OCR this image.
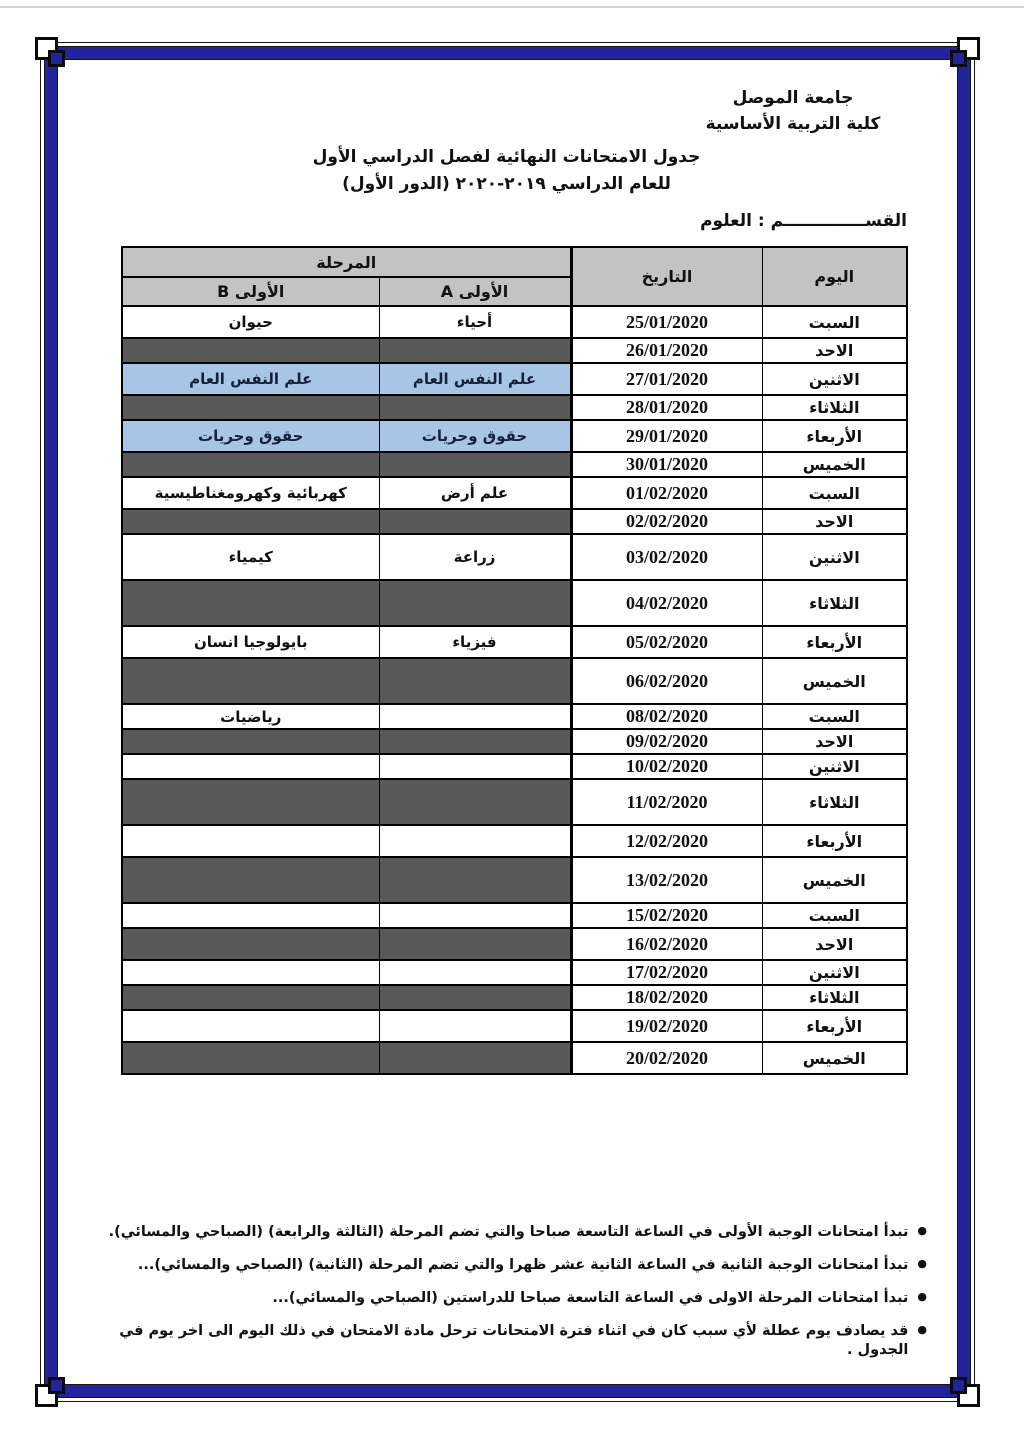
جامعة الموصل
كلية التربية الأساسية
جدول الامتحانات النهائية لفصل الدراسي الأول
للعام الدراسي ٢٠١٩-٢٠٢٠ (الدور الأول)
القســــــــــــــم : العلوم
اليوم	التاريخ	المرحلة	
		الأولى A	الأولى B
السبت	25/01/2020	أحياء	حيوان
الاحد	26/01/2020		
الاثنين	27/01/2020	علم النفس العام	علم النفس العام
الثلاثاء	28/01/2020		
الأربعاء	29/01/2020	حقوق وحريات	حقوق وحريات
الخميس	30/01/2020		
السبت	01/02/2020	علم أرض	كهربائية وكهرومغناطيسية
الاحد	02/02/2020		
الاثنين	03/02/2020	زراعة	كيمياء
الثلاثاء	04/02/2020		
الأربعاء	05/02/2020	فيزياء	بايولوجيا انسان
الخميس	06/02/2020		
السبت	08/02/2020		رياضيات
الاحد	09/02/2020		
الاثنين	10/02/2020		
الثلاثاء	11/02/2020		
الأربعاء	12/02/2020		
الخميس	13/02/2020		
السبت	15/02/2020		
الاحد	16/02/2020		
الاثنين	17/02/2020		
الثلاثاء	18/02/2020		
الأربعاء	19/02/2020		
الخميس	20/02/2020		
●
تبدأ امتحانات الوجبة الأولى في الساعة التاسعة صباحا والتي تضم المرحلة (الثالثة والرابعة) (الصباحي والمسائي).
●
تبدأ امتحانات الوجبة الثانية في الساعة الثانية عشر ظهرا والتي تضم المرحلة (الثانية) (الصباحي والمسائي)...
●
تبدأ امتحانات المرحلة الاولى في الساعة التاسعة صباحا للدراستين (الصباحي والمسائي)...
●
قد يصادف يوم عطلة لأي سبب كان في اثناء فترة الامتحانات ترحل مادة الامتحان في ذلك اليوم الى اخر يوم في الجدول .
